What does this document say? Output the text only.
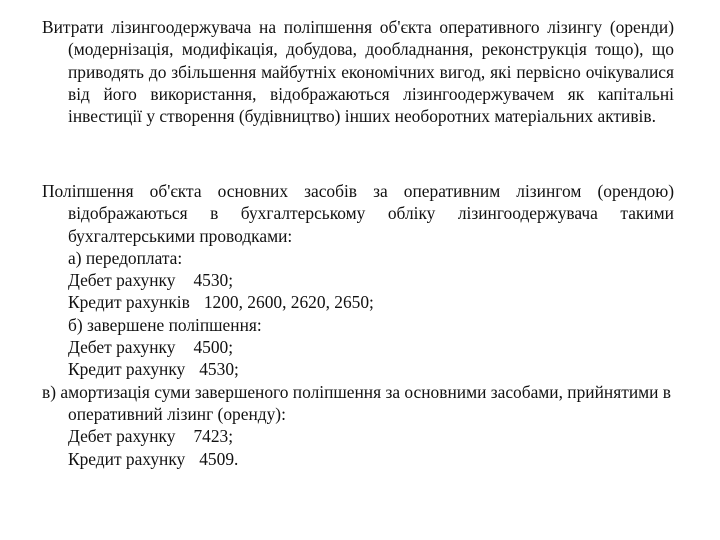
Витрати лізингоодержувача на поліпшення об'єкта оперативного лізингу (оренди) (модернізація, модифікація, добудова, дообладнання, реконструкція тощо), що приводять до збільшення майбутніх економічних вигод, які первісно очікувалися від його використання, відображаються лізингоодержувачем як капітальні інвестиції у створення (будівництво) інших необоротних матеріальних активів.

Поліпшення об'єкта основних засобів за оперативним лізингом (орендою) відображаються в бухгалтерському обліку лізингоодержувача такими бухгалтерськими проводками:

а) передоплата:
Дебет рахунку 4530;
Кредит рахунків 1200, 2600, 2620, 2650;
б) завершене поліпшення:
Дебет рахунку 4500;
Кредит рахунку 4530;
в) амортизація суми завершеного поліпшення за основними засобами, прийнятими в оперативний лізинг (оренду):
Дебет рахунку 7423;
Кредит рахунку 4509.
